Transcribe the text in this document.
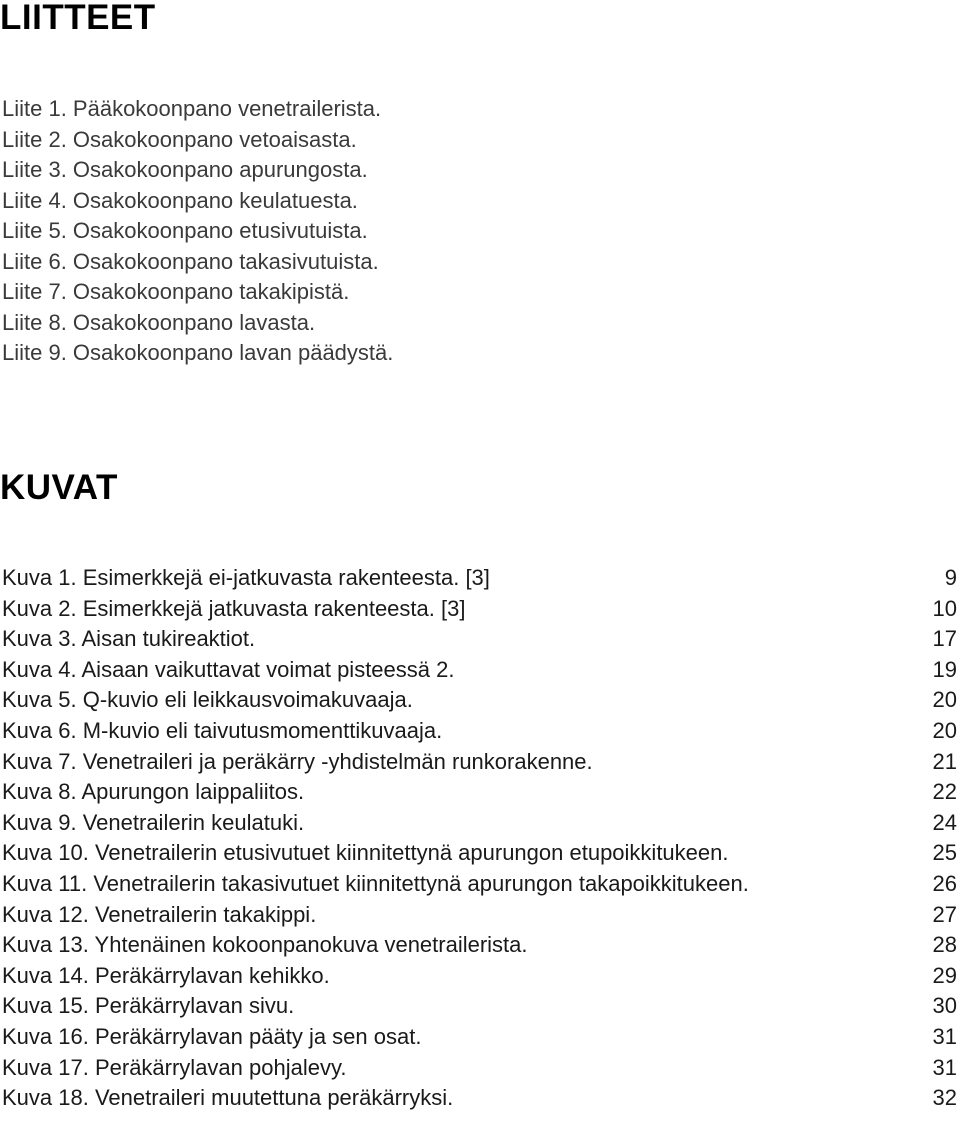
LIITTEET
Liite 1. Pääkokoonpano venetrailerista.
Liite 2. Osakokoonpano vetoaisasta.
Liite 3. Osakokoonpano apurungosta.
Liite 4. Osakokoonpano keulatuesta.
Liite 5. Osakokoonpano etusivutuista.
Liite 6. Osakokoonpano takasivutuista.
Liite 7. Osakokoonpano takakipistä.
Liite 8. Osakokoonpano lavasta.
Liite 9. Osakokoonpano lavan päädystä.
KUVAT
Kuva 1. Esimerkkejä ei-jatkuvasta rakenteesta. [3]	9
Kuva 2. Esimerkkejä jatkuvasta rakenteesta. [3]	10
Kuva 3. Aisan tukireaktiot.	17
Kuva 4. Aisaan vaikuttavat voimat pisteessä 2.	19
Kuva 5. Q-kuvio eli leikkausvoimakuvaaja.	20
Kuva 6. M-kuvio eli taivutusmomenttikuvaaja.	20
Kuva 7. Venetraileri ja peräkärry -yhdistelmän runkorakenne.	21
Kuva 8. Apurungon laippaliitos.	22
Kuva 9. Venetrailerin keulatuki.	24
Kuva 10. Venetrailerin etusivutuet kiinnitettynä apurungon etupoikkitukeen.	25
Kuva 11. Venetrailerin takasivutuet kiinnitettynä apurungon takapoikkitukeen.	26
Kuva 12. Venetrailerin takakippi.	27
Kuva 13. Yhtenäinen kokoonpanokuva venetrailerista.	28
Kuva 14. Peräkärrylavan kehikko.	29
Kuva 15. Peräkärrylavan sivu.	30
Kuva 16. Peräkärrylavan pääty ja sen osat.	31
Kuva 17. Peräkärrylavan pohjalevy.	31
Kuva 18. Venetraileri muutettuna peräkärryksi.	32
